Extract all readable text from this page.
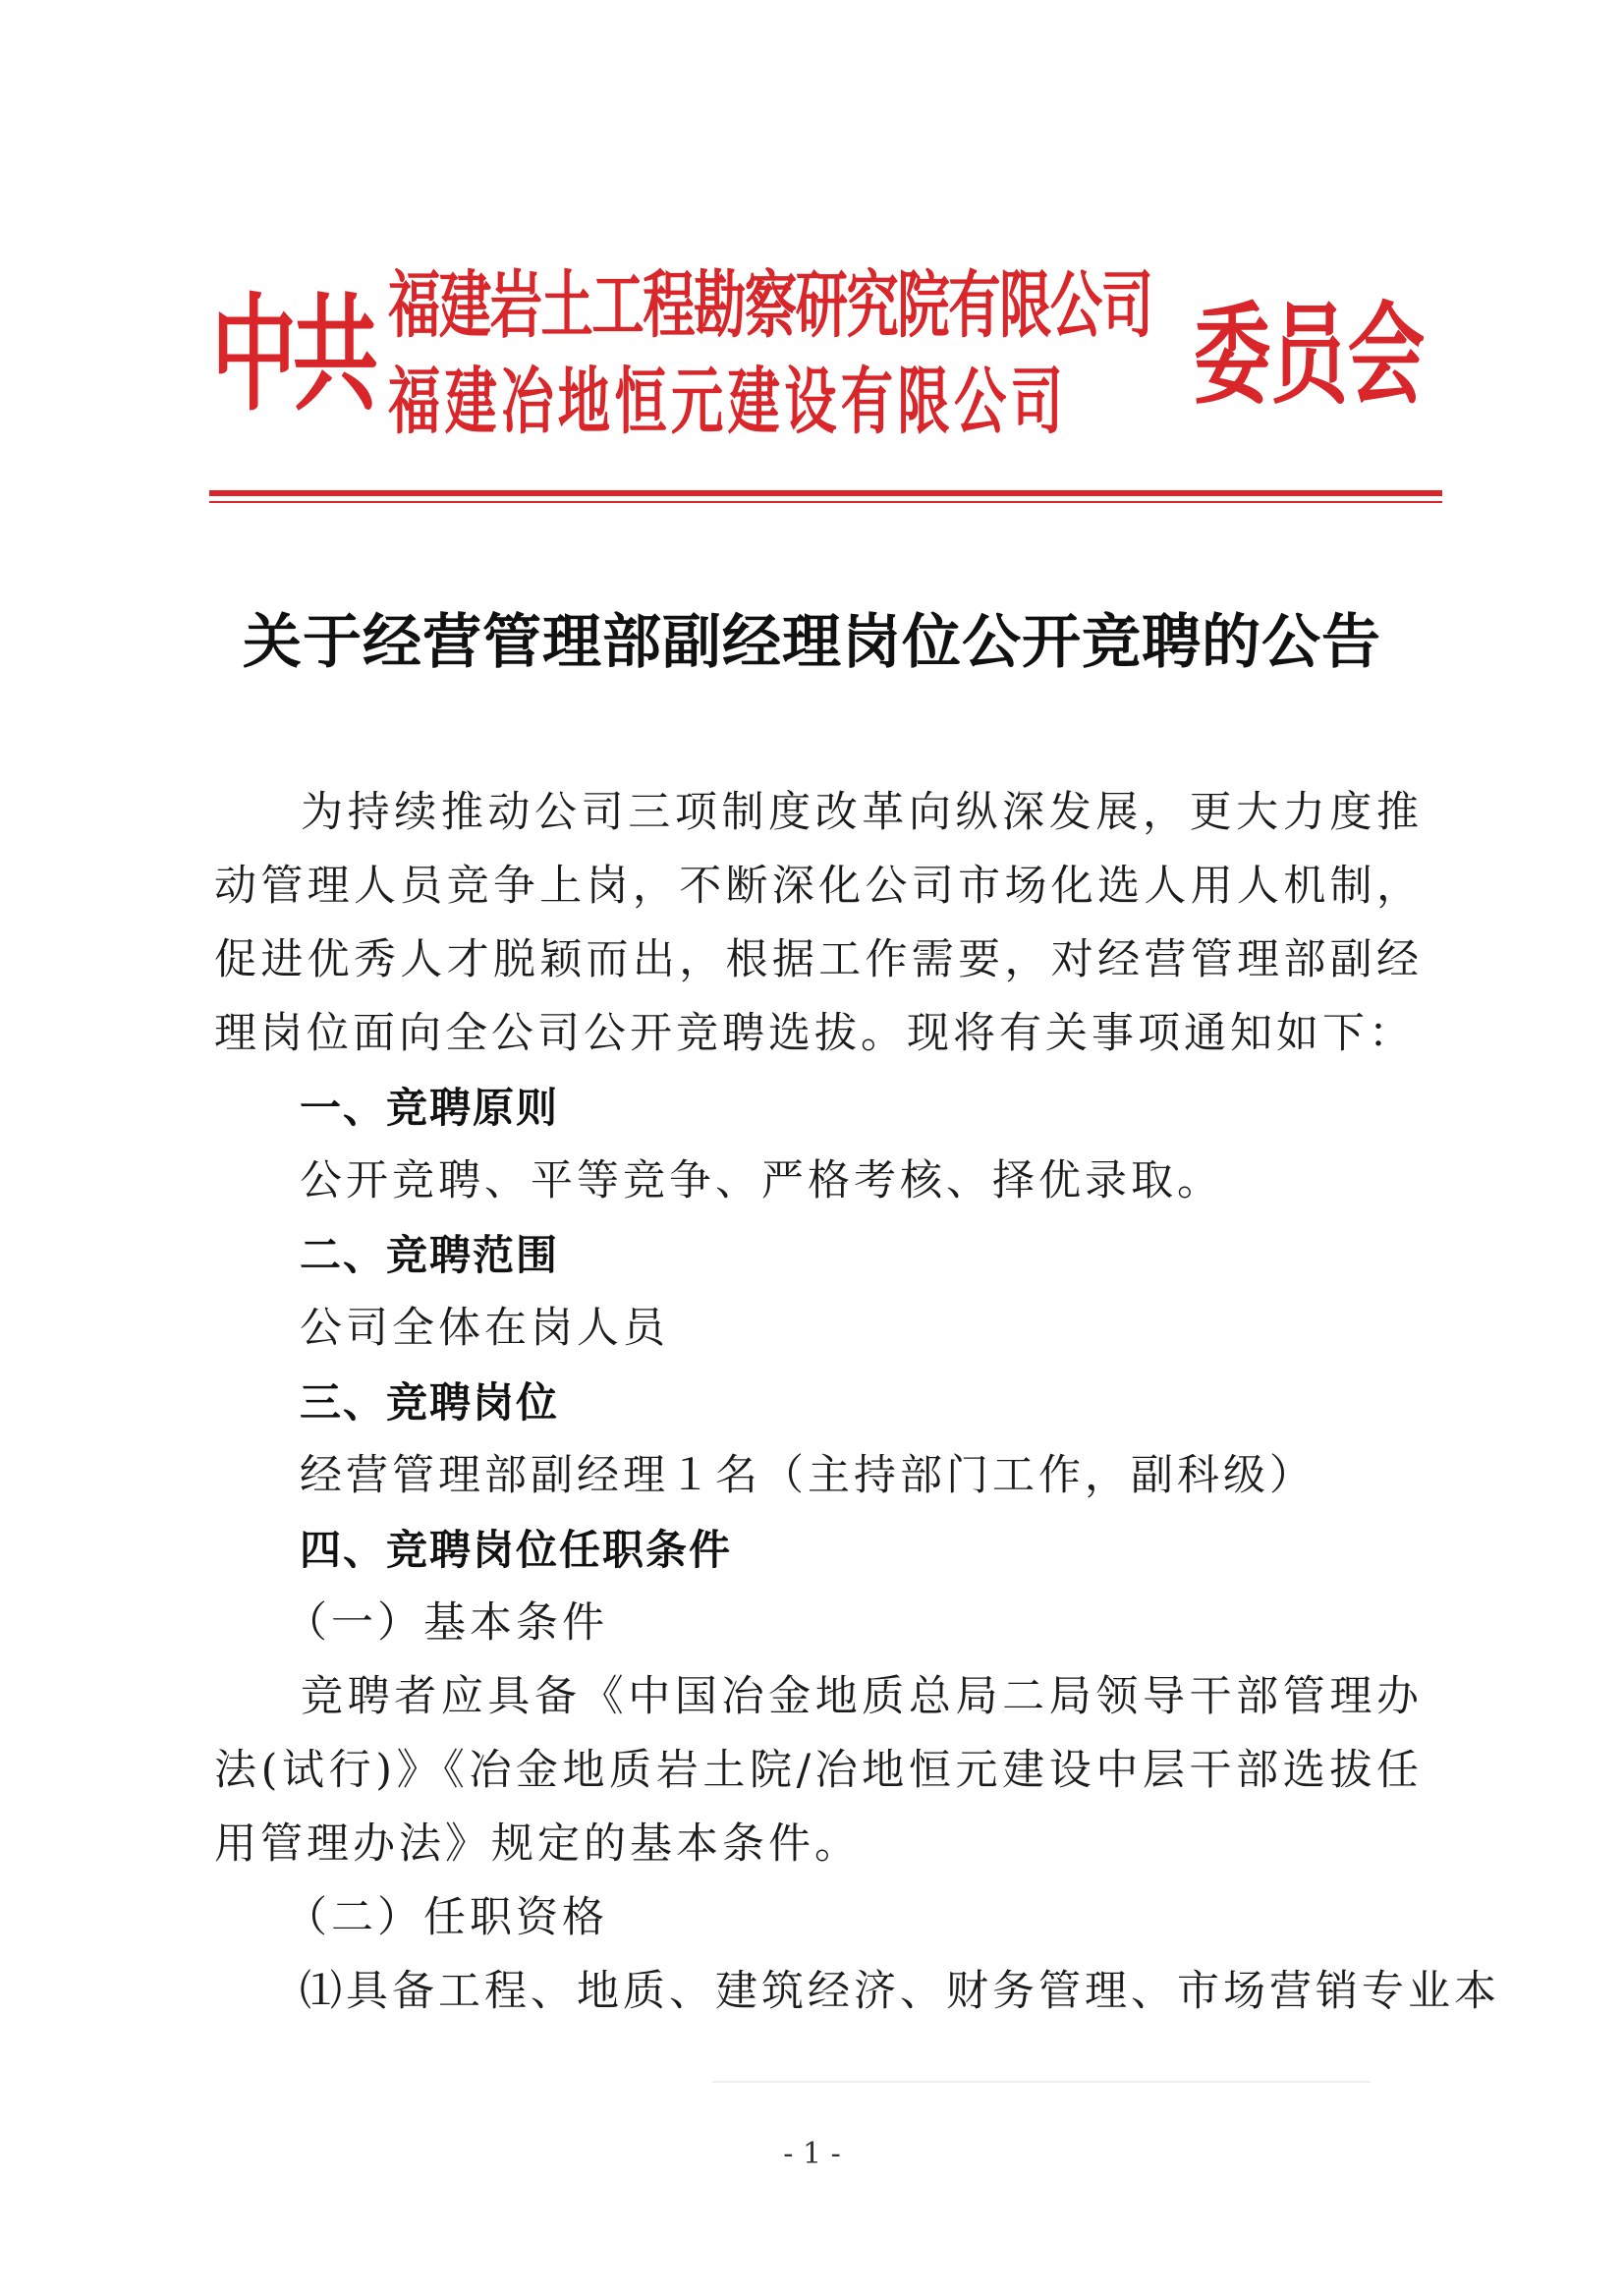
中共 福建岩土工程勘察研究院有限公司
福建冶地恒元建设有限公司 委员会
关于经营管理部副经理岗位公开竞聘的公告
为持续推动公司三项制度改革向纵深发展，更大力度推动管理人员竞争上岗，不断深化公司市场化选人用人机制，促进优秀人才脱颖而出，根据工作需要，对经营管理部副经理岗位面向全公司公开竞聘选拔。现将有关事项通知如下：
一、竞聘原则
公开竞聘、平等竞争、严格考核、择优录取。
二、竞聘范围
公司全体在岗人员
三、竞聘岗位
经营管理部副经理１名（主持部门工作，副科级）
四、竞聘岗位任职条件
（一）基本条件
竞聘者应具备《中国冶金地质总局二局领导干部管理办法(试行)》《冶金地质岩土院/冶地恒元建设中层干部选拔任用管理办法》规定的基本条件。
（二）任职资格
⑴具备工程、地质、建筑经济、财务管理、市场营销专业本
- 1 -
